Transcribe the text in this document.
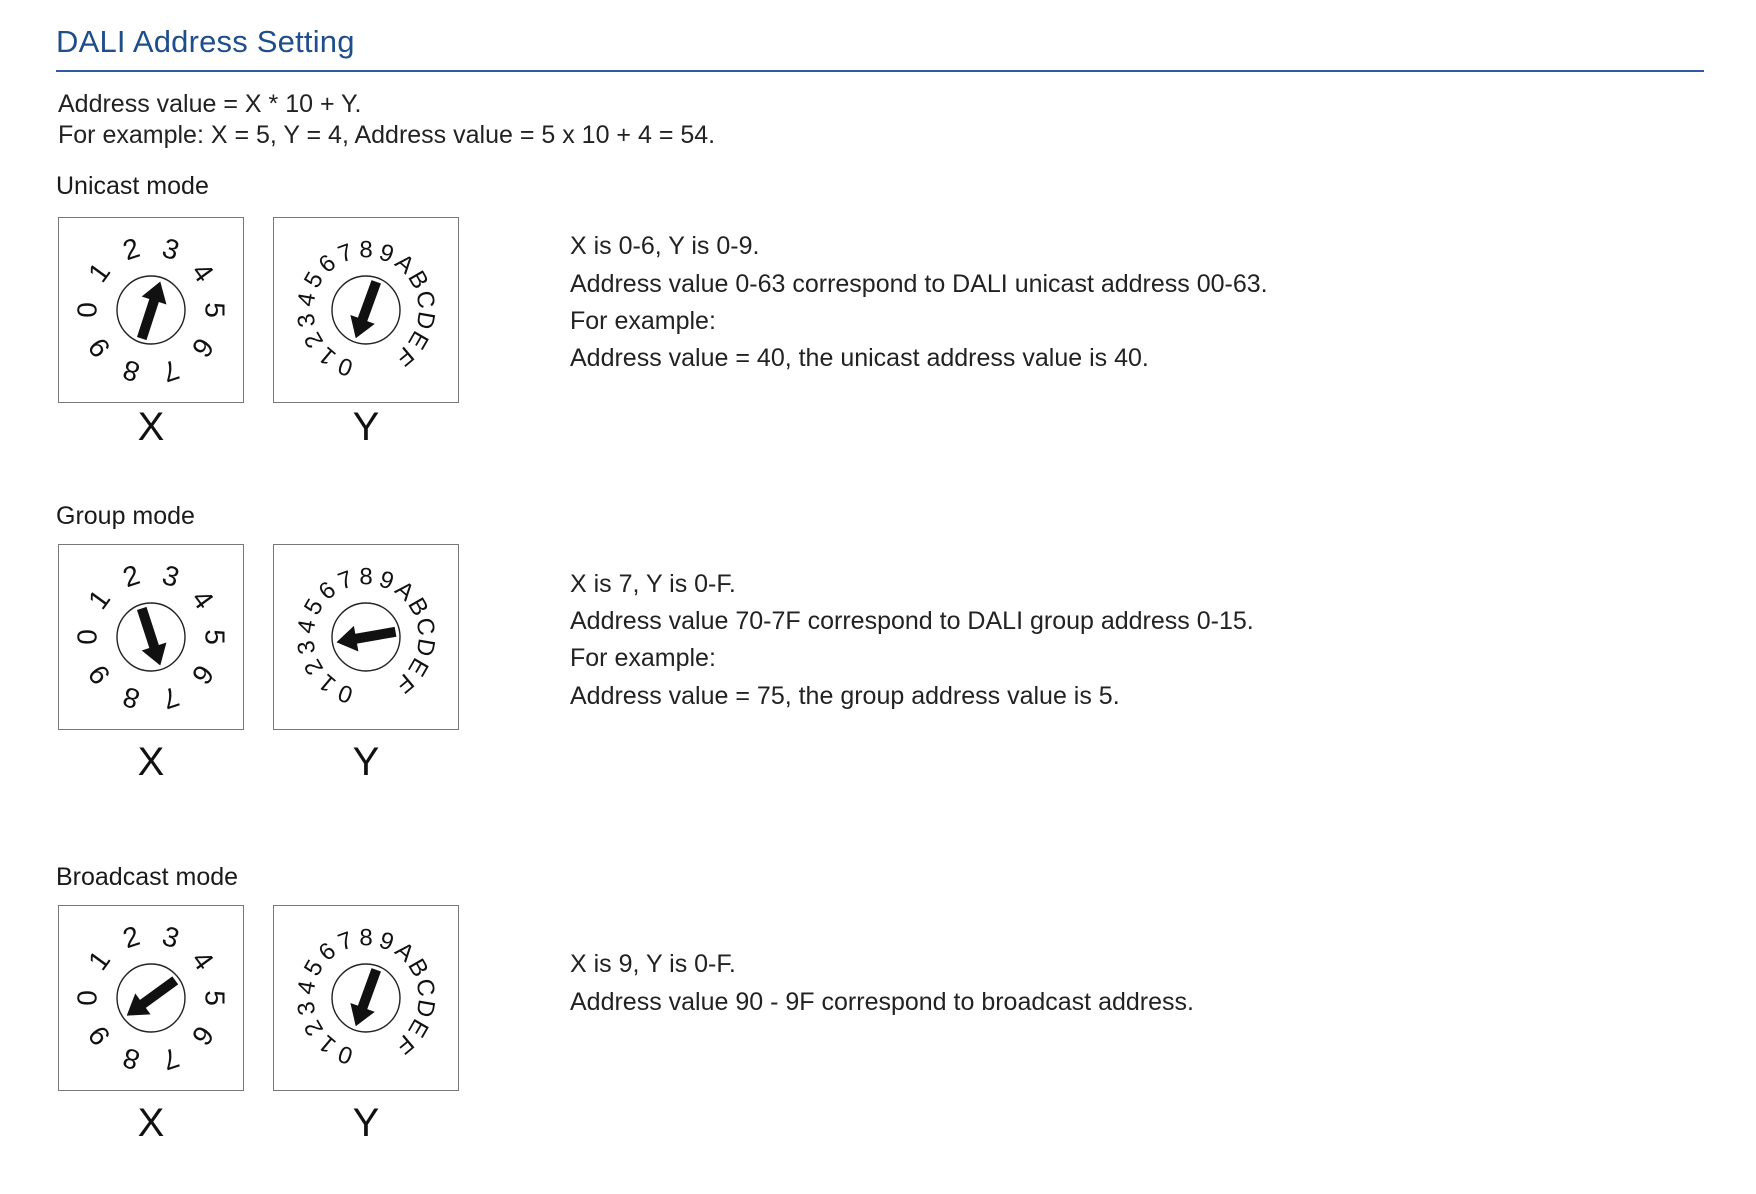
DALI Address Setting
Address value = X * 10 + Y.
For example: X = 5, Y = 4, Address value = 5 x 10 + 4 = 54.
Unicast mode
0
1
2 3
4
5
6
7
8
9
0
1
2
3
4
5
6
7 8 9
A
B
C
D
E
F
X	Y
X is 0-6, Y is 0-9.
Address value 0-63 correspond to DALI unicast address 00-63.
For example:
Address value = 40, the unicast address value is 40.
Group mode
0
1
2 3
4
5
6
7
8
9
0
1
2
3
4
5
6
7 8 9
A
B
C
D
E
F
X	Y
X is 7, Y is 0-F.
Address value 70-7F correspond to DALI group address 0-15.
For example:
Address value = 75, the group address value is 5.
Broadcast mode
0
1
2 3
4
5
6
7
8
9
0
1
2
3
4
5
6
7 8 9
A
B
C
D
E
F
X	Y
X is 9, Y is 0-F.
Address value 90 - 9F correspond to broadcast address.
